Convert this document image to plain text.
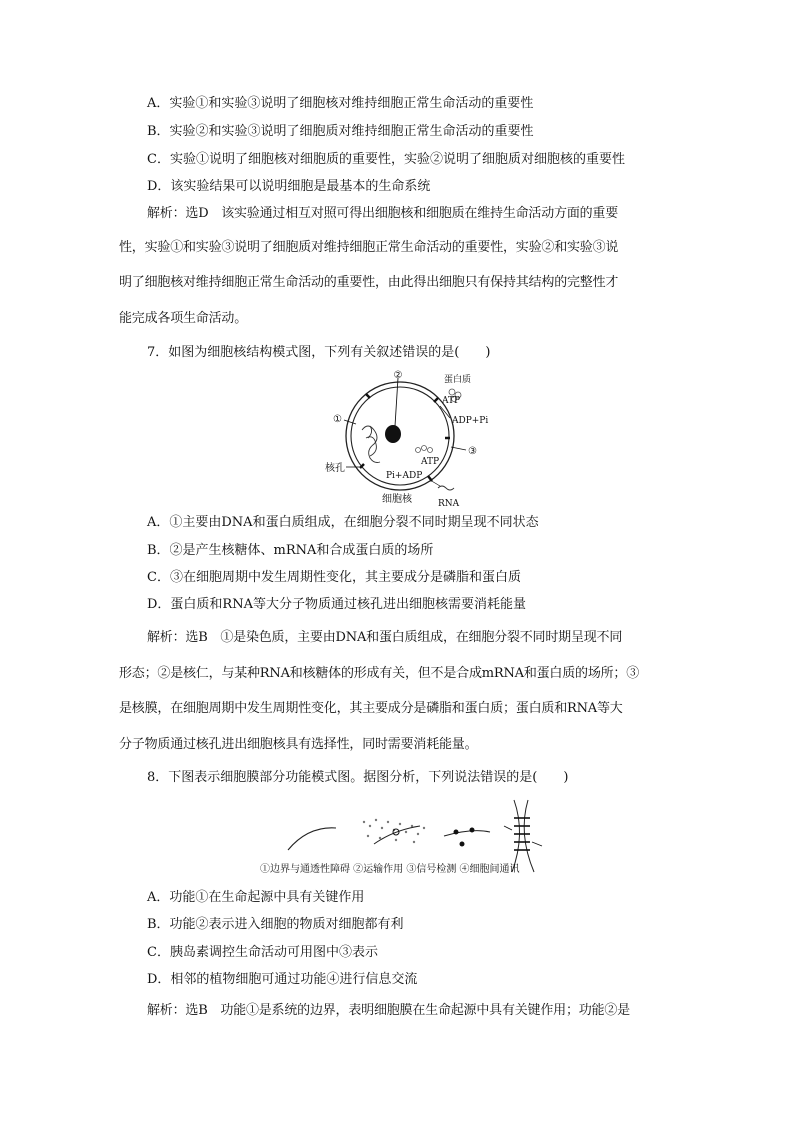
A．实验①和实验③说明了细胞核对维持细胞正常生命活动的重要性
B．实验②和实验③说明了细胞质对维持细胞正常生命活动的重要性
C．实验①说明了细胞核对细胞质的重要性，实验②说明了细胞质对细胞核的重要性
D．该实验结果可以说明细胞是最基本的生命系统
解析：选D　该实验通过相互对照可得出细胞核和细胞质在维持生命活动方面的重要
性，实验①和实验③说明了细胞质对维持细胞正常生命活动的重要性，实验②和实验③说
明了细胞核对维持细胞正常生命活动的重要性，由此得出细胞只有保持其结构的完整性才
能完成各项生命活动。
7．如图为细胞核结构模式图，下列有关叙述错误的是(　　)
②
①
蛋白质
ATP
ADP+Pi
③
ATP
Pi+ADP
核孔
细胞核	RNA
A．①主要由DNA和蛋白质组成，在细胞分裂不同时期呈现不同状态
B．②是产生核糖体、mRNA和合成蛋白质的场所
C．③在细胞周期中发生周期性变化，其主要成分是磷脂和蛋白质
D．蛋白质和RNA等大分子物质通过核孔进出细胞核需要消耗能量
解析：选B　①是染色质，主要由DNA和蛋白质组成，在细胞分裂不同时期呈现不同
形态；②是核仁，与某种RNA和核糖体的形成有关，但不是合成mRNA和蛋白质的场所；③
是核膜，在细胞周期中发生周期性变化，其主要成分是磷脂和蛋白质；蛋白质和RNA等大
分子物质通过核孔进出细胞核具有选择性，同时需要消耗能量。
8．下图表示细胞膜部分功能模式图。据图分析，下列说法错误的是(　　)
①边界与通透性障碍 ②运输作用 ③信号检测 ④细胞间通讯
A．功能①在生命起源中具有关键作用
B．功能②表示进入细胞的物质对细胞都有利
C．胰岛素调控生命活动可用图中③表示
D．相邻的植物细胞可通过功能④进行信息交流
解析：选B　功能①是系统的边界，表明细胞膜在生命起源中具有关键作用；功能②是
